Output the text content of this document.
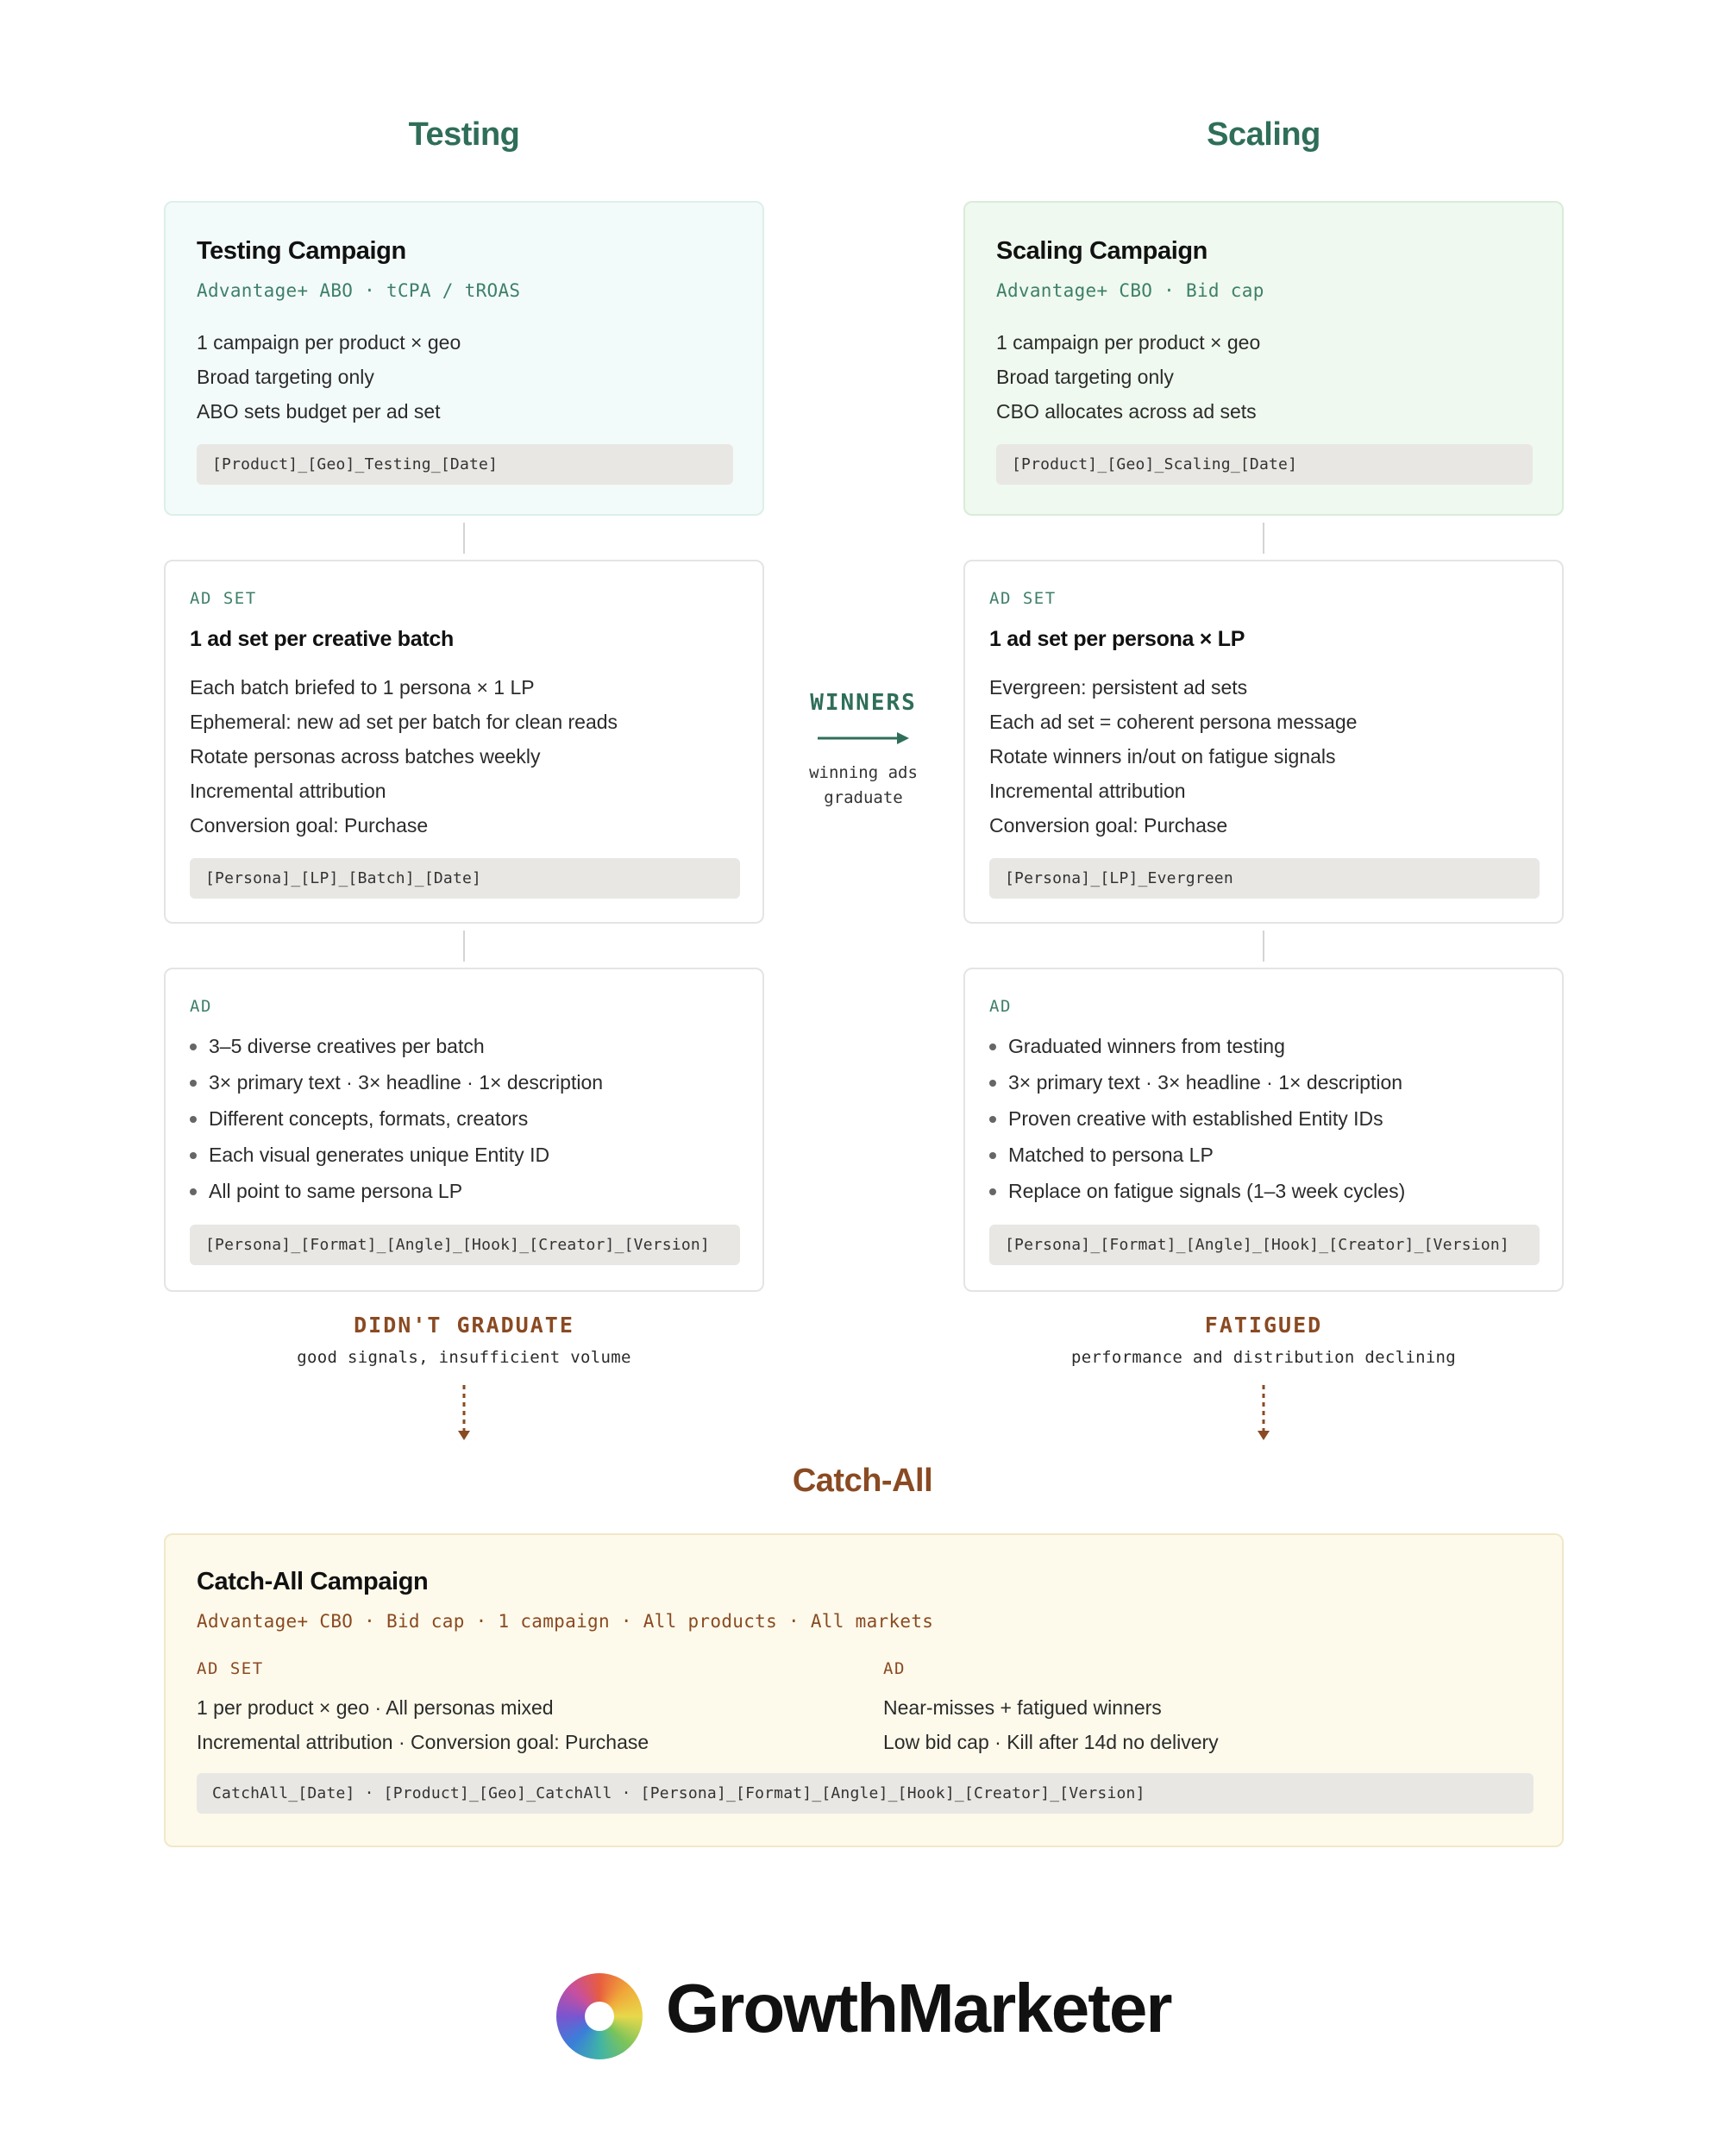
Testing	Scaling
Testing Campaign
Advantage+ ABO · tCPA / tROAS
1 campaign per product × geo
Broad targeting only
ABO sets budget per ad set
[Product]_[Geo]_Testing_[Date]
AD SET
1 ad set per creative batch
Each batch briefed to 1 persona × 1 LP
Ephemeral: new ad set per batch for clean reads
Rotate personas across batches weekly
Incremental attribution
Conversion goal: Purchase
[Persona]_[LP]_[Batch]_[Date]
AD
3–5 diverse creatives per batch
3× primary text · 3× headline · 1× description
Different concepts, formats, creators
Each visual generates unique Entity ID
All point to same persona LP
[Persona]_[Format]_[Angle]_[Hook]_[Creator]_[Version]
Scaling Campaign
Advantage+ CBO · Bid cap
1 campaign per product × geo
Broad targeting only
CBO allocates across ad sets
[Product]_[Geo]_Scaling_[Date]
AD SET
1 ad set per persona × LP
Evergreen: persistent ad sets
Each ad set = coherent persona message
Rotate winners in/out on fatigue signals
Incremental attribution
Conversion goal: Purchase
[Persona]_[LP]_Evergreen
AD
Graduated winners from testing
3× primary text · 3× headline · 1× description
Proven creative with established Entity IDs
Matched to persona LP
Replace on fatigue signals (1–3 week cycles)
[Persona]_[Format]_[Angle]_[Hook]_[Creator]_[Version]
WINNERS
winning ads
graduate
DIDN'T GRADUATE
good signals, insufficient volume
FATIGUED
performance and distribution declining
Catch-All
Catch-All Campaign
Advantage+ CBO · Bid cap · 1 campaign · All products · All markets
AD SET
1 per product × geo · All personas mixed
Incremental attribution · Conversion goal: Purchase
AD
Near-misses + fatigued winners
Low bid cap · Kill after 14d no delivery
CatchAll_[Date] · [Product]_[Geo]_CatchAll · [Persona]_[Format]_[Angle]_[Hook]_[Creator]_[Version]
GrowthMarketer
